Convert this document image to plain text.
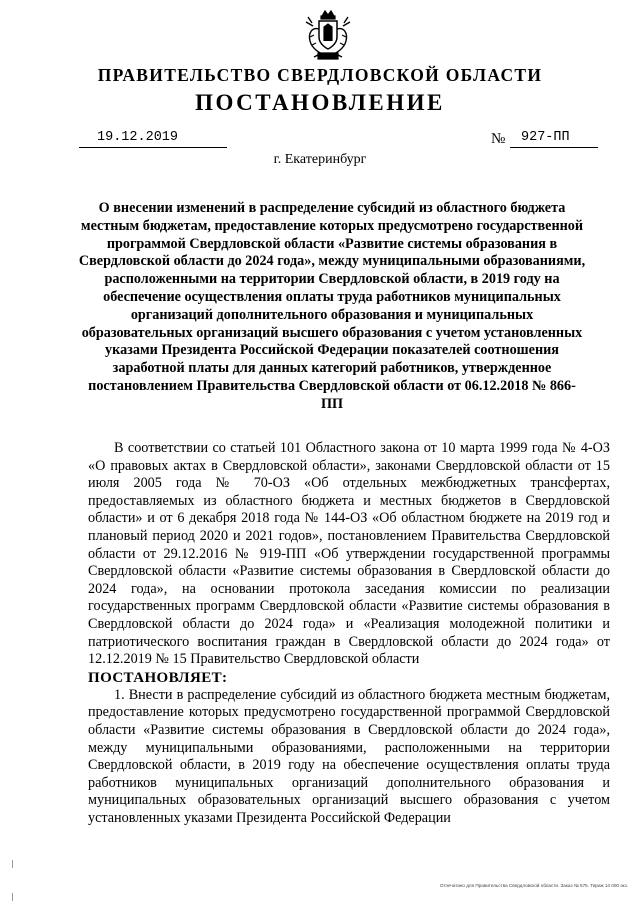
ПРАВИТЕЛЬСТВО СВЕРДЛОВСКОЙ ОБЛАСТИ
ПОСТАНОВЛЕНИЕ
19.12.2019	№	927-ПП
г. Екатеринбург
О внесении изменений в распределение субсидий из областного бюджета местным бюджетам, предоставление которых предусмотрено государственной программой Свердловской области «Развитие системы образования в Свердловской области до 2024 года», между муниципальными образованиями, расположенными на территории Свердловской области, в 2019 году на обеспечение осуществления оплаты труда работников муниципальных организаций дополнительного образования и муниципальных образовательных организаций высшего образования с учетом установленных указами Президента Российской Федерации показателей соотношения заработной платы для данных категорий работников, утвержденное постановлением Правительства Свердловской области от 06.12.2018 № 866-ПП

В соответствии со статьей 101 Областного закона от 10 марта 1999 года № 4-ОЗ «О правовых актах в Свердловской области», законами Свердловской области от 15 июля 2005 года № 70-ОЗ «Об отдельных межбюджетных трансфертах, предоставляемых из областного бюджета и местных бюджетов в Свердловской области» и от 6 декабря 2018 года № 144-ОЗ «Об областном бюджете на 2019 год и плановый период 2020 и 2021 годов», постановлением Правительства Свердловской области от 29.12.2016 № 919-ПП «Об утверждении государственной программы Свердловской области «Развитие системы образования в Свердловской области до 2024 года», на основании протокола заседания комиссии по реализации государственных программ Свердловской области «Развитие системы образования в Свердловской области до 2024 года» и «Реализация молодежной политики и патриотического воспитания граждан в Свердловской области до 2024 года» от 12.12.2019 № 15 Правительство Свердловской области

ПОСТАНОВЛЯЕТ:

1. Внести в распределение субсидий из областного бюджета местным бюджетам, предоставление которых предусмотрено государственной программой Свердловской области «Развитие системы образования в Свердловской области до 2024 года», между муниципальными образованиями, расположенными на территории Свердловской области, в 2019 году на обеспечение осуществления оплаты труда работников муниципальных организаций дополнительного образования и муниципальных образовательных организаций высшего образования с учетом установленных указами Президента Российской Федерации

Отпечатано для Правительства Свердловской области. Заказ № 575. Тираж 14 000 экз.
